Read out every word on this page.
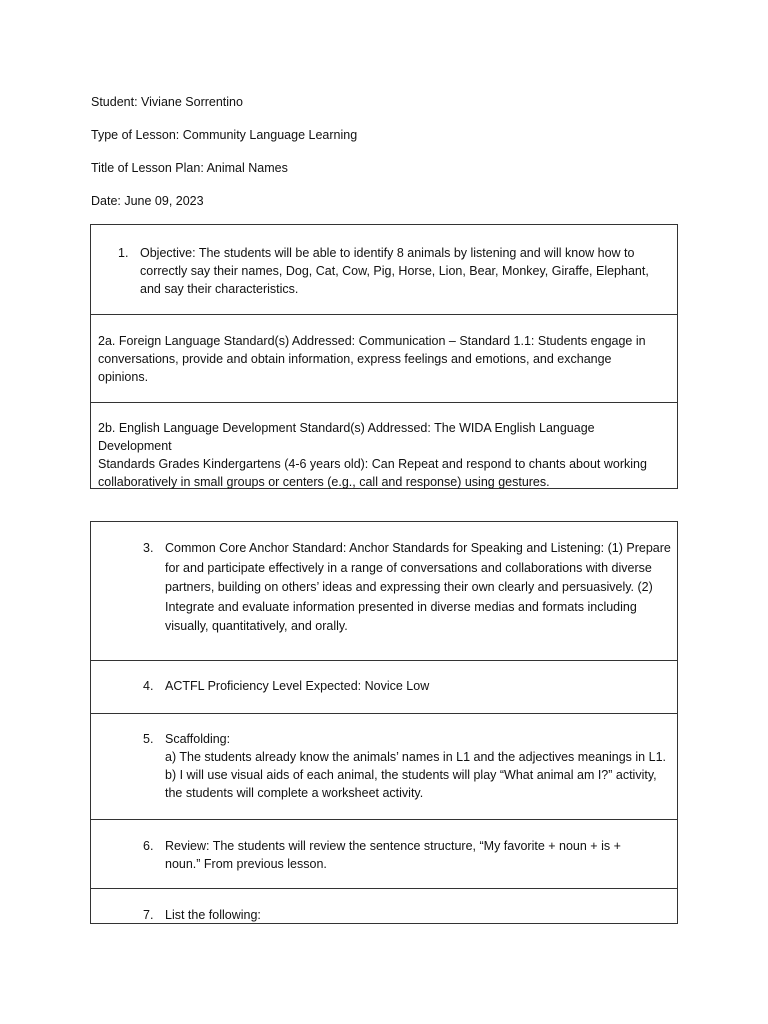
Student: Viviane Sorrentino
Type of Lesson: Community Language Learning
Title of Lesson Plan: Animal Names
Date: June 09, 2023
1. Objective: The students will be able to identify 8 animals by listening and will know how to
correctly say their names, Dog, Cat, Cow, Pig, Horse, Lion, Bear, Monkey, Giraffe, Elephant,
and say their characteristics.
2a. Foreign Language Standard(s) Addressed: Communication – Standard 1.1: Students engage in
conversations, provide and obtain information, express feelings and emotions, and exchange
opinions.
2b. English Language Development Standard(s) Addressed: The WIDA English Language Development
Standards Grades Kindergartens (4-6 years old): Can Repeat and respond to chants about working
collaboratively in small groups or centers (e.g., call and response) using gestures.
3. Common Core Anchor Standard: Anchor Standards for Speaking and Listening: (1) Prepare
for and participate effectively in a range of conversations and collaborations with diverse
partners, building on others’ ideas and expressing their own clearly and persuasively. (2)
Integrate and evaluate information presented in diverse medias and formats including
visually, quantitatively, and orally.
4. ACTFL Proficiency Level Expected: Novice Low
5. Scaffolding:
a) The students already know the animals’ names in L1 and the adjectives meanings in L1.
b) I will use visual aids of each animal, the students will play “What animal am I?” activity,
the students will complete a worksheet activity.
6. Review: The students will review the sentence structure, “My favorite + noun + is +
noun.” From previous lesson.
7. List the following:
